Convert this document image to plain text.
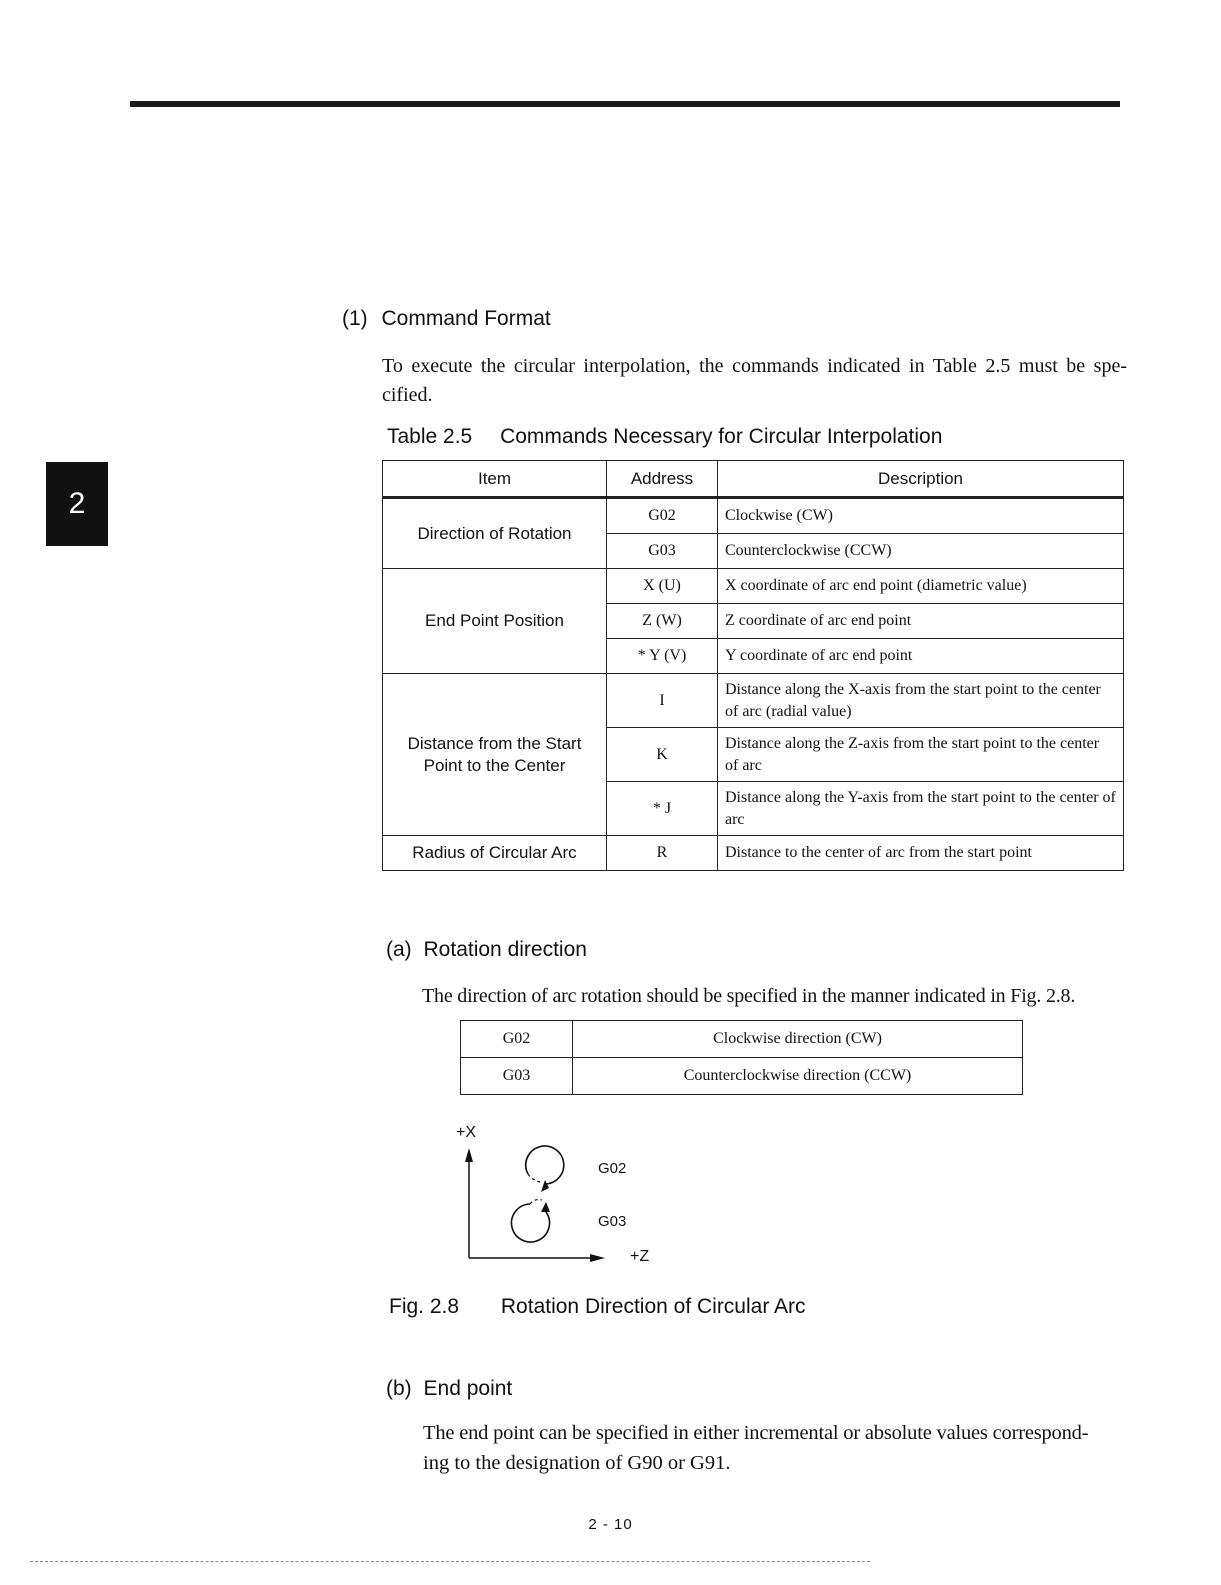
2
(1) Command Format
To execute the circular interpolation, the commands indicated in Table 2.5 must be spe-cified.
Table 2.5 Commands Necessary for Circular Interpolation
Item	Address	Description
Direction of Rotation	G02	Clockwise (CW)
	G03	Counterclockwise (CCW)
End Point Position	X (U)	X coordinate of arc end point (diametric value)
	Z (W)	Z coordinate of arc end point
	* Y (V)	Y coordinate of arc end point

Distance from the Start Point to the Center	I	Distance along the X-axis from the start point to the center of arc (radial value)
	K	Distance along the Z-axis from the start point to the center of arc
	* J	Distance along the Y-axis from the start point to the center of arc
Radius of Circular Arc	R	Distance to the center of arc from the start point
(a) Rotation direction
The direction of arc rotation should be specified in the manner indicated in Fig. 2.8.
G02	Clockwise direction (CW)
G03	Counterclockwise direction (CCW)
+X
+Z
G02
G03
Fig. 2.8 Rotation Direction of Circular Arc
(b) End point
The end point can be specified in either incremental or absolute values correspond-
ing to the designation of G90 or G91.
2 - 10
